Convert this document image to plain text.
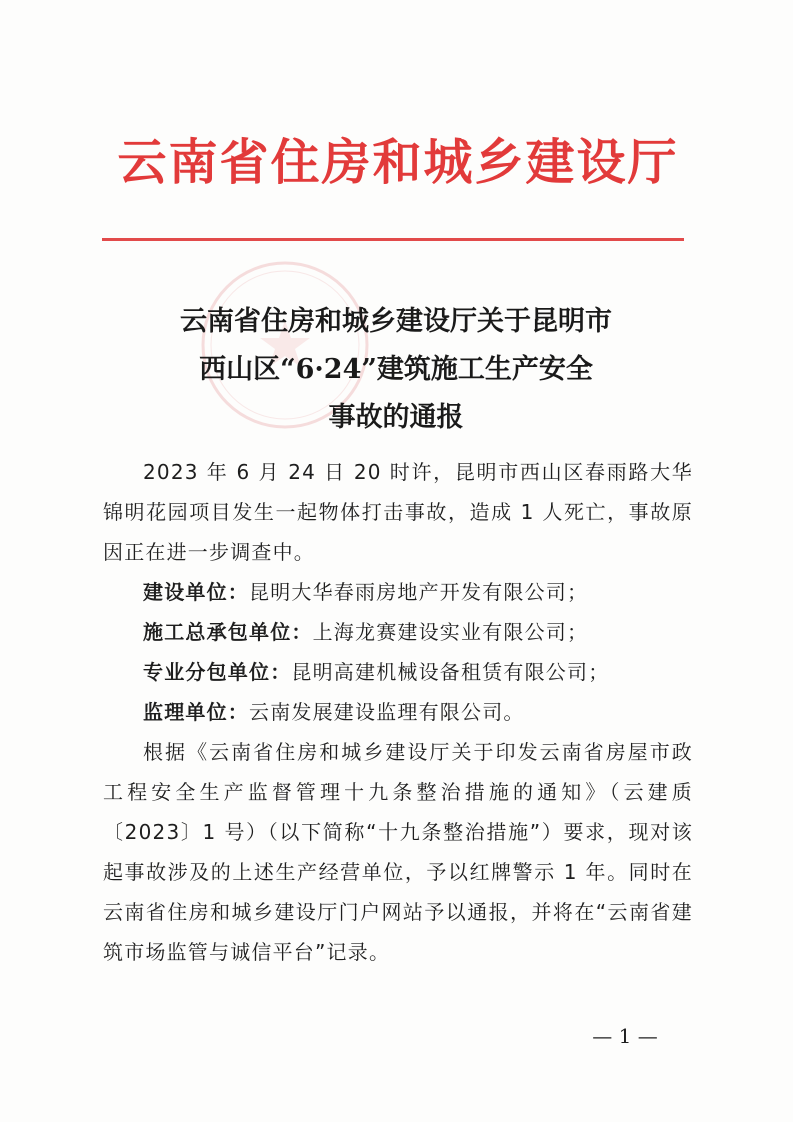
云南省住房和城乡建设厅
云南省住房和城乡建设厅关于昆明市
西山区“6·24”建筑施工生产安全
事故的通报

2023 年 6 月 24 日 20 时许，昆明市西山区春雨路大华锦明花园项目发生一起物体打击事故，造成 1 人死亡，事故原因正在进一步调查中。

建设单位：昆明大华春雨房地产开发有限公司；
施工总承包单位：上海龙赛建设实业有限公司；
专业分包单位：昆明高建机械设备租赁有限公司；
监理单位：云南发展建设监理有限公司。

根据《云南省住房和城乡建设厅关于印发云南省房屋市政工程安全生产监督管理十九条整治措施的通知》（云建质〔2023〕1 号）（以下简称“十九条整治措施”）要求，现对该起事故涉及的上述生产经营单位，予以红牌警示 1 年。同时在云南省住房和城乡建设厅门户网站予以通报，并将在“云南省建筑市场监管与诚信平台”记录。

— 1 —
